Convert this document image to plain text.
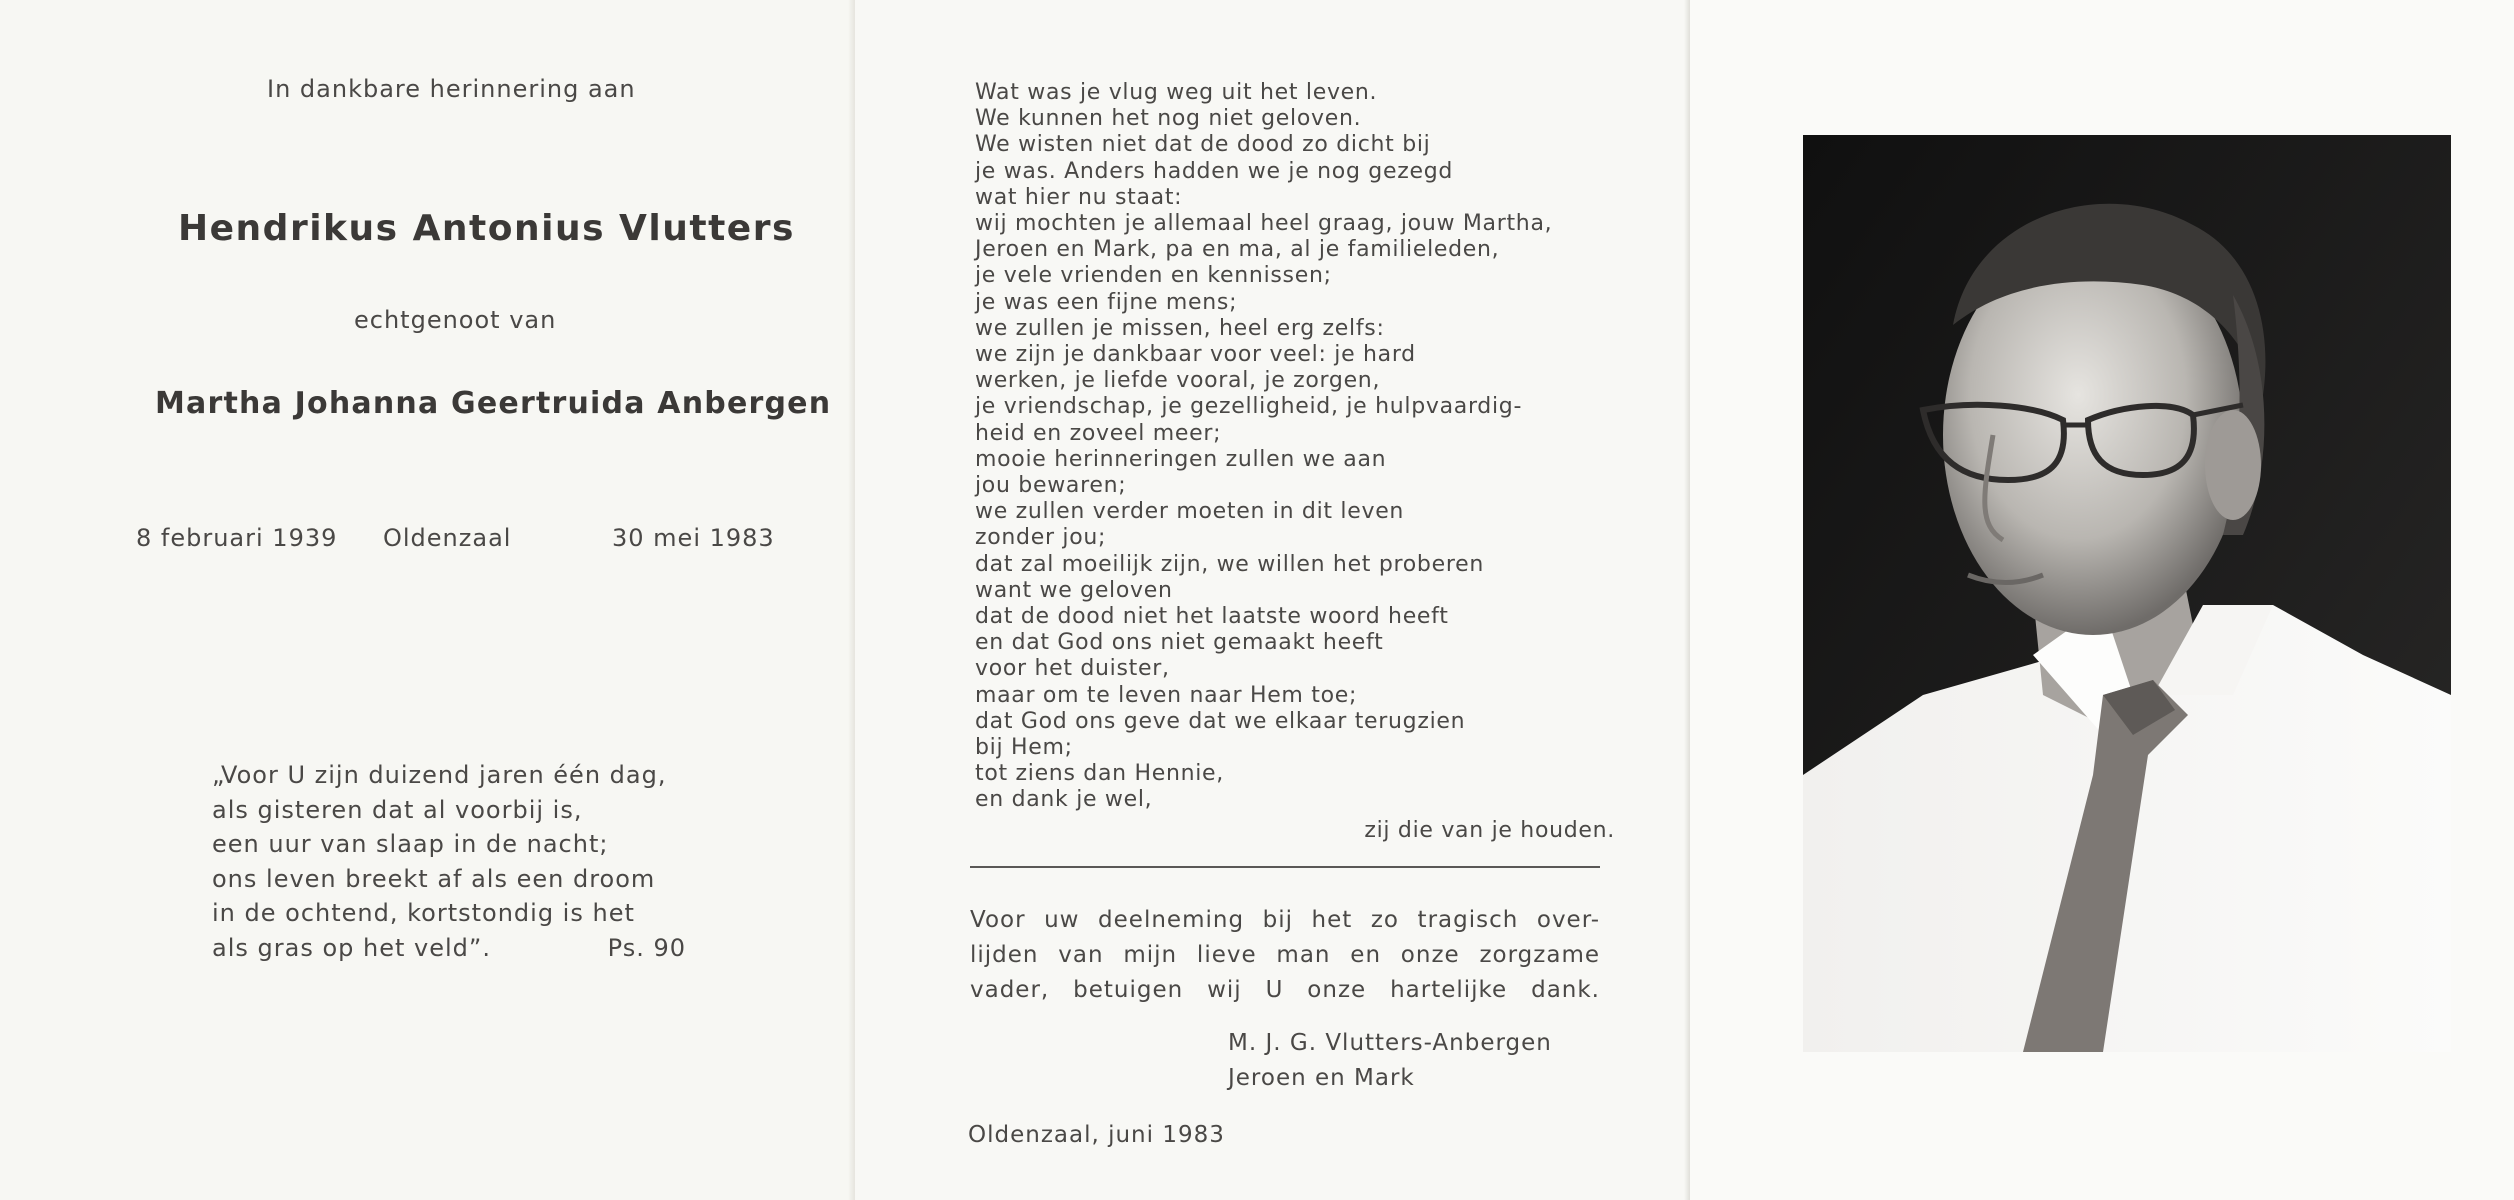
In dankbare herinnering aan
Hendrikus Antonius Vlutters
echtgenoot van
Martha Johanna Geertruida Anbergen
8 februari 1939 Oldenzaal	30 mei 1983
„Voor U zijn duizend jaren één dag,
als gisteren dat al voorbij is,
een uur van slaap in de nacht;
ons leven breekt af als een droom
in de ochtend, kortstondig is het
als gras op het veld”.	Ps. 90
Wat was je vlug weg uit het leven.
We kunnen het nog niet geloven.
We wisten niet dat de dood zo dicht bij
je was. Anders hadden we je nog gezegd
wat hier nu staat:
wij mochten je allemaal heel graag, jouw Martha,
Jeroen en Mark, pa en ma, al je familieleden,
je vele vrienden en kennissen;
je was een fijne mens;
we zullen je missen, heel erg zelfs:
we zijn je dankbaar voor veel: je hard
werken, je liefde vooral, je zorgen,
je vriendschap, je gezelligheid, je hulpvaardig-
heid en zoveel meer;
mooie herinneringen zullen we aan
jou bewaren;
we zullen verder moeten in dit leven
zonder jou;
dat zal moeilijk zijn, we willen het proberen
want we geloven
dat de dood niet het laatste woord heeft
en dat God ons niet gemaakt heeft
voor het duister,
maar om te leven naar Hem toe;
dat God ons geve dat we elkaar terugzien
bij Hem;
tot ziens dan Hennie,
en dank je wel,
zij die van je houden.
Voor uw deelneming bij het zo tragisch over-
lijden van mijn lieve man en onze zorgzame
vader, betuigen wij U onze hartelijke dank.
M. J. G. Vlutters-Anbergen
Jeroen en Mark
Oldenzaal, juni 1983
